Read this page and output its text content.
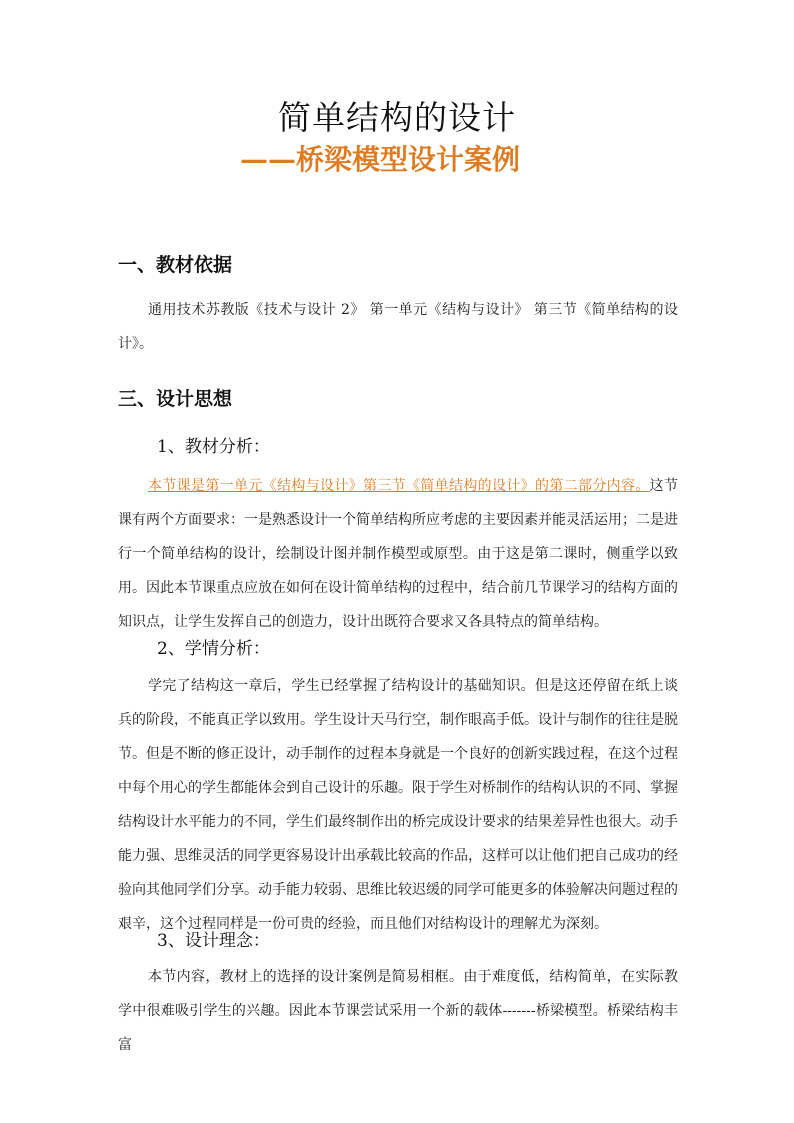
简单结构的设计
——桥梁模型设计案例
一、教材依据
通用技术苏教版《技术与设计 2》 第一单元《结构与设计》 第三节《简单结构的设计》。
三、设计思想
1、教材分析：
本节课是第一单元《结构与设计》第三节《简单结构的设计》的第二部分内容。这节课有两个方面要求：一是熟悉设计一个简单结构所应考虑的主要因素并能灵活运用；二是进行一个简单结构的设计，绘制设计图并制作模型或原型。由于这是第二课时，侧重学以致用。因此本节课重点应放在如何在设计简单结构的过程中，结合前几节课学习的结构方面的知识点，让学生发挥自己的创造力，设计出既符合要求又各具特点的简单结构。
2、学情分析：
学完了结构这一章后，学生已经掌握了结构设计的基础知识。但是这还停留在纸上谈兵的阶段，不能真正学以致用。学生设计天马行空，制作眼高手低。设计与制作的往往是脱节。但是不断的修正设计，动手制作的过程本身就是一个良好的创新实践过程，在这个过程中每个用心的学生都能体会到自己设计的乐趣。限于学生对桥制作的结构认识的不同、掌握结构设计水平能力的不同，学生们最终制作出的桥完成设计要求的结果差异性也很大。动手能力强、思维灵活的同学更容易设计出承载比较高的作品，这样可以让他们把自己成功的经验向其他同学们分享。动手能力较弱、思维比较迟缓的同学可能更多的体验解决问题过程的艰辛，这个过程同样是一份可贵的经验，而且他们对结构设计的理解尤为深刻。
3、设计理念：
本节内容，教材上的选择的设计案例是简易相框。由于难度低，结构简单，在实际教学中很难吸引学生的兴趣。因此本节课尝试采用一个新的载体-------桥梁模型。桥梁结构丰富
